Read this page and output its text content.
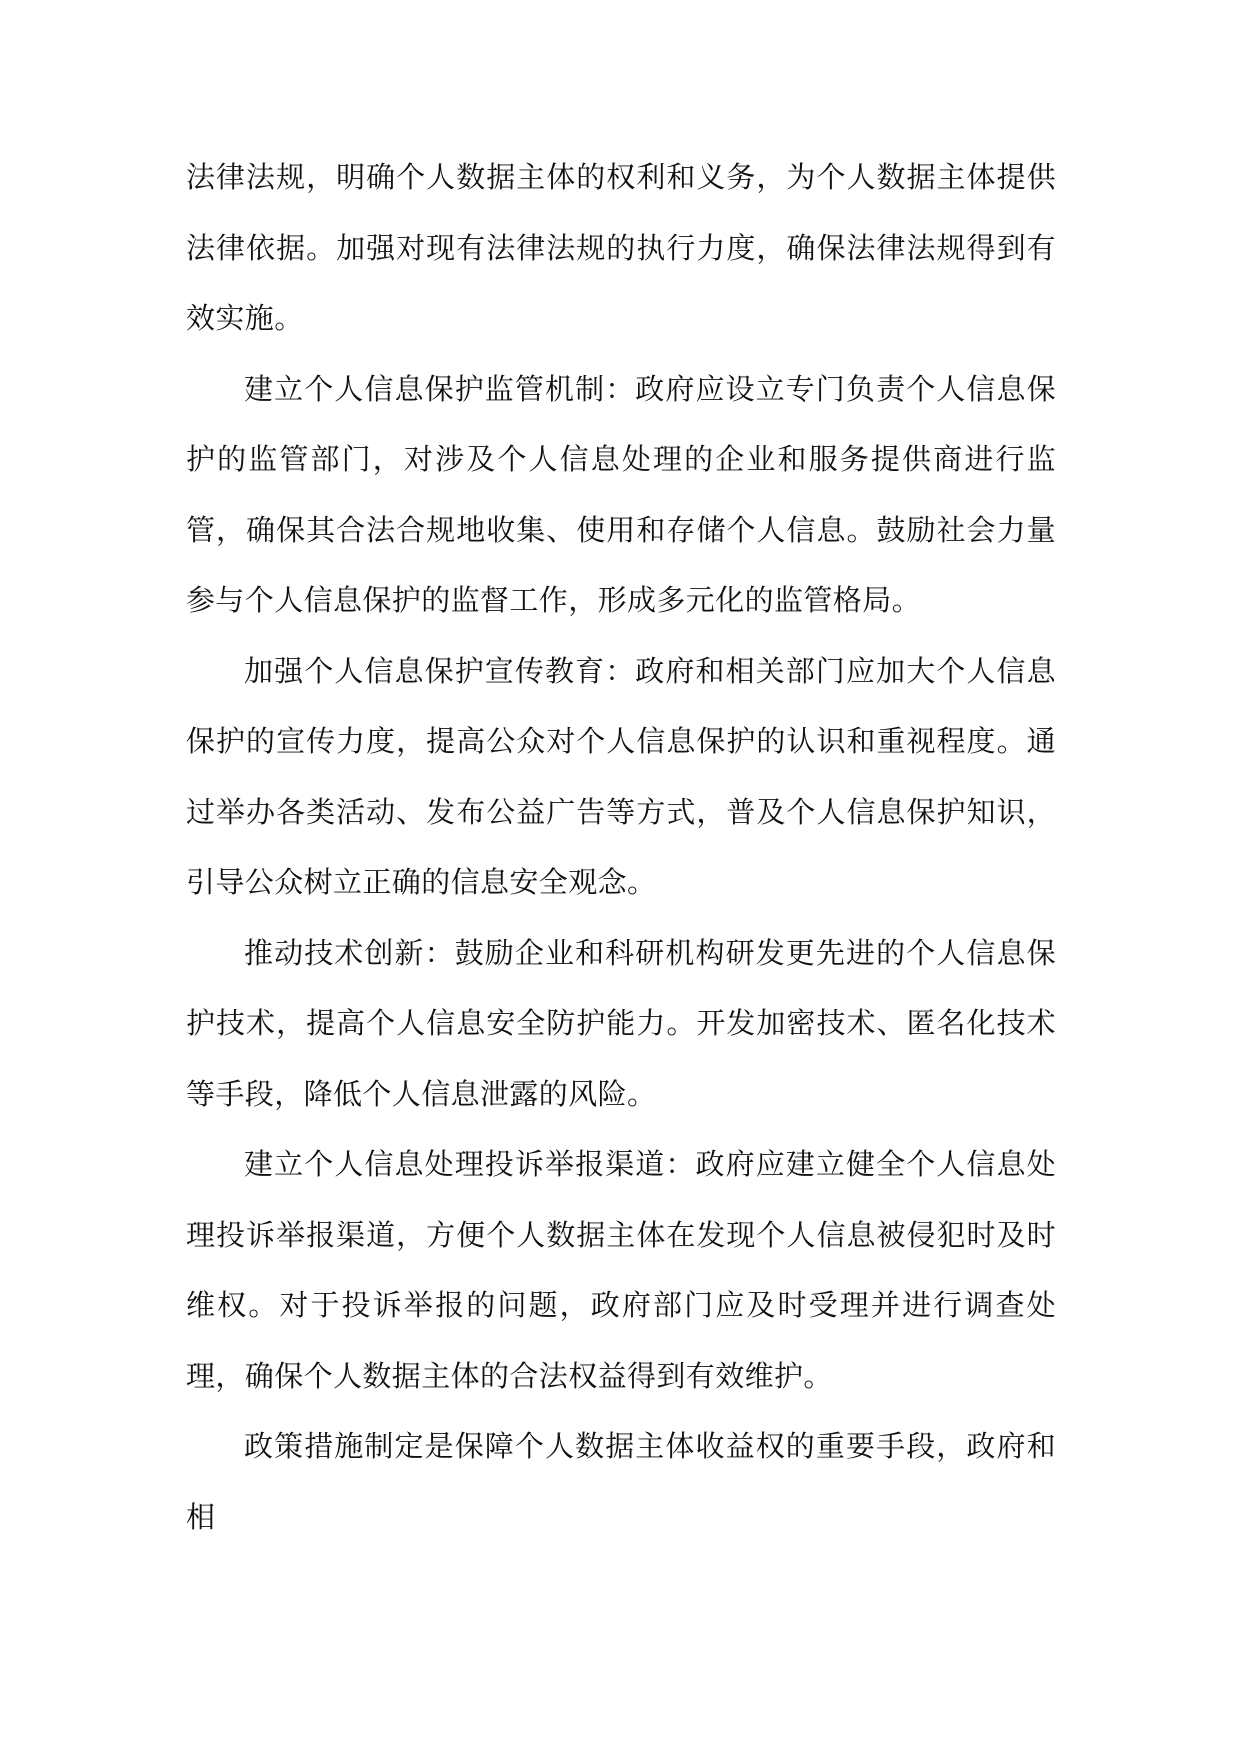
法律法规，明确个人数据主体的权利和义务，为个人数据主体提供法律依据。加强对现有法律法规的执行力度，确保法律法规得到有效实施。

建立个人信息保护监管机制：政府应设立专门负责个人信息保护的监管部门，对涉及个人信息处理的企业和服务提供商进行监管，确保其合法合规地收集、使用和存储个人信息。鼓励社会力量参与个人信息保护的监督工作，形成多元化的监管格局。

加强个人信息保护宣传教育：政府和相关部门应加大个人信息保护的宣传力度，提高公众对个人信息保护的认识和重视程度。通过举办各类活动、发布公益广告等方式，普及个人信息保护知识，引导公众树立正确的信息安全观念。

推动技术创新：鼓励企业和科研机构研发更先进的个人信息保护技术，提高个人信息安全防护能力。开发加密技术、匿名化技术等手段，降低个人信息泄露的风险。

建立个人信息处理投诉举报渠道：政府应建立健全个人信息处理投诉举报渠道，方便个人数据主体在发现个人信息被侵犯时及时维权。对于投诉举报的问题，政府部门应及时受理并进行调查处理，确保个人数据主体的合法权益得到有效维护。

政策措施制定是保障个人数据主体收益权的重要手段，政府和相
